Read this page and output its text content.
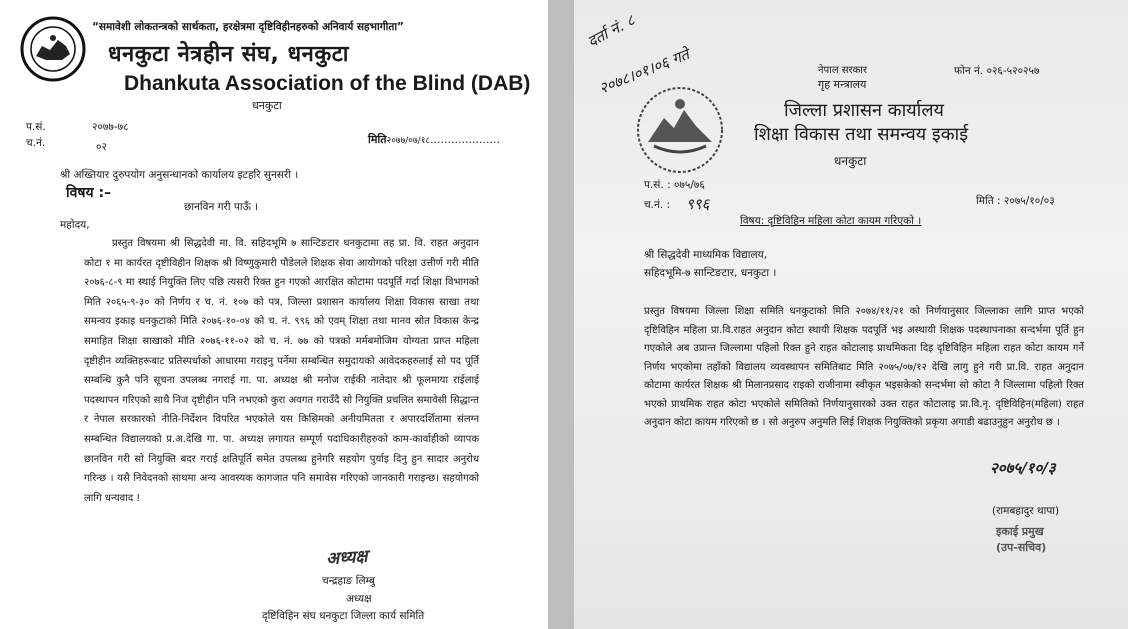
“समावेशी लोकतन्त्रको सार्थकता, हरक्षेत्रमा दृष्टिविहीनहरुको अनिवार्य सहभागीता”
धनकुटा नेत्रहीन संघ, धनकुटा
Dhankuta Association of the Blind (DAB)
धनकुटा
प.सं.	२०७७-७८
च.नं.	०२
मिति२०७७/०७/१८....................
श्री अख्तियार दुरुपयोग अनुसन्धानको कार्यालय इटहरि सुनसरी ।
विषय :–
छानविन गरी पाऊँ ।
महोदय,

प्रस्तुत विषयमा श्री सिद्धदेवी मा. वि. सहिदभूमि ७ सान्टिङटार धनकुटामा तह प्रा. वि. राहत अनुदान कोटा १ मा कार्यरत दृष्टीविहीन शिक्षक श्री विष्णुकुमारी पौडेलले शिक्षक सेवा आयोगको परिक्षा उत्तीर्ण गरी मीति २०७६-८-९ मा स्थाई नियुक्ति लिए पछि त्यसरी रिक्त हुन गएको आरक्षित कोटामा पदपूर्ति गर्दा शिक्षा विभागको मिति २०६५-९-३० को निर्णय र च. नं. १०७ को पत्र, जिल्ला प्रशासन कार्यालय शिक्षा विकास साखा तथा समन्वय इकाइ धनकुटाको मिति २०७६-१०-०४ को च. नं. ९९६ को एवम् शिक्षा तथा मानव स्रोत विकास केन्द्र समाहित शिक्षा साखाको मीति २०७६-११-०२ को च. नं. ७७ को पत्रको मर्मबमोजिम योग्यता प्राप्त महिला दृष्टीहीन व्यक्तिहरूबाट प्रतिस्पर्धाको आधारमा गराइनु पर्नेमा सम्बन्धित समुदायको आवेदकहरुलाई सो पद पूर्ति सम्बन्धि कुनै पनि सूचना उपलब्ध नगराई गा. पा. अध्यक्ष श्री मनोज राईकी नातेदार श्री फूलमाया राईलाई पदस्थापन गरिएको साथै निज दृष्टीहीन पनि नभएको कुरा अवगत गराउँदै सो नियुक्ति प्रचलित समावेसी सिद्धान्त र नेपाल सरकारको नीति-निर्देशन विपरित भएकोले यस किसिमको अनीयमितता र अपारदर्शितामा संलग्न सम्बन्धित विद्यालयको प्र.अ.देखि गा. पा. अध्यक्ष लगायत सम्पूर्ण पदाधिकारीहरुको काम-कार्वाहीको व्यापक छानविन गरी सो नियुक्ति बदर गराई क्षतिपूर्ति समेत उपलब्ध हुनेगरि सहयोग पुर्याइ दिनु हुन सादार अनुरोध गरिन्छ । यसै निवेदनको साथमा अन्य आवस्यक कागजात पनि समावेस गरिएको जानकारी गराइन्छ। सहयोगको लागि धन्यवाद !

अध्यक्ष
चन्द्रहाङ लिम्बु
अध्यक्ष
दृष्टिविहिन संघ धनकुटा जिल्ला कार्य समिति
दर्ता नं. ८
२०७८।०१।०६ गते	नेपाल सरकार
गृह मन्त्रालय
फोन नं. ०२६-५२०२५७
जिल्ला प्रशासन कार्यालय
शिक्षा विकास तथा समन्वय इकाई
धनकुटा
प.सं. : ०७५/७६
च.नं. : ९९६	मिति : २०७५/१०/०३
विषय: दृष्टिविहिन महिला कोटा कायम गरिएको ।
श्री सिद्धदेवी माध्यमिक विद्यालय,
सहिदभूमि-७ सान्टिङटार, धनकुटा ।

प्रस्तुत विषयमा जिल्ला शिक्षा समिति धनकुटाको मिति २०७४/११/२१ को निर्णयानुसार जिल्लाका लागि प्राप्त भएको दृष्टिविहिन महिला प्रा.वि.राहत अनुदान कोटा स्थायी शिक्षक पदपूर्ति भइ अस्थायी शिक्षक पदस्थापनाका सन्दर्भमा पूर्ति हुन गएकोले अब उप्रान्त जिल्लामा पहिलो रिक्त हुने राहत कोटालाइ प्राथमिकता दिइ दृष्टिविहिन महिला राहत कोटा कायम गर्ने निर्णय भएकोमा तहाँको विद्यालय व्यवस्थापन समितिबाट मिति २०७५/०७/१२ देखि लागु हुने गरी प्रा.वि. राहत अनुदान कोटामा कार्यरत शिक्षक श्री मिलानप्रसाद राइको राजीनामा स्वीकृत भइसकेको सन्दर्भमा सो कोटा नै जिल्लामा पहिलो रिक्त भएको प्राथमिक राहत कोटा भएकोले समितिको निर्णयानुसारको उक्त राहत कोटालाइ प्रा.वि.नृ. दृष्टिविहिन(महिला) राहत अनुदान कोटा कायम गरिएको छ । सो अनुरुप अनुमति लिई शिक्षक नियुक्तिको प्रकृया अगाडी बढाउनुहुन अनुरोध छ ।

२०७५/१०/३
(रामबहादुर थापा)
इकाई प्रमुख
(उप-सचिव)
